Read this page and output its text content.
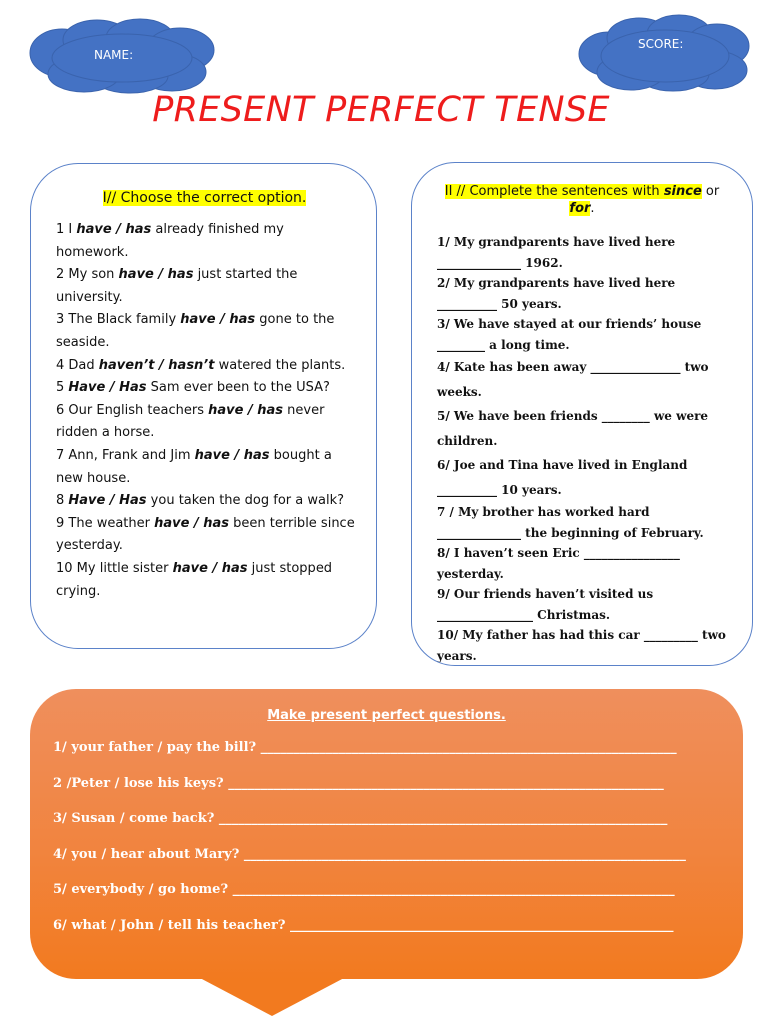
NAME:
SCORE:
PRESENT PERFECT TENSE
I// Choose the correct option.

1 I have / has already finished my homework.

2 My son have / has just started the university.

3 The Black family have / has gone to the seaside.

4 Dad haven’t / hasn’t watered the plants.

5 Have / Has Sam ever been to the USA?

6 Our English teachers have / has never ridden a horse.

7 Ann, Frank and Jim have / has bought a new house.

8 Have / Has you taken the dog for a walk?

9 The weather have / has been terrible since yesterday.

10 My little sister have / has just stopped crying.

II // Complete the sentences with since or for.

1/ My grandparents have lived here ______________ 1962.

2/ My grandparents have lived here __________ 50 years.

3/ We have stayed at our friends’ house ________ a long time.

4/ Kate has been away _______________ two weeks.

5/ We have been friends ________ we were children.

6/ Joe and Tina have lived in England __________ 10 years.

7 / My brother has worked hard ______________ the beginning of February.

8/ I haven’t seen Eric ________________ yesterday.

9/ Our friends haven’t visited us ________________ Christmas.

10/ My father has had this car _________ two years.

Make present perfect questions.
1/ your father / pay the bill? ________________________________________________________________
2 /Peter / lose his keys? ___________________________________________________________________
3/ Susan / come back? _____________________________________________________________________
4/ you / hear about Mary? ____________________________________________________________________
5/ everybody / go home? ____________________________________________________________________
6/ what / John / tell his teacher? ___________________________________________________________
